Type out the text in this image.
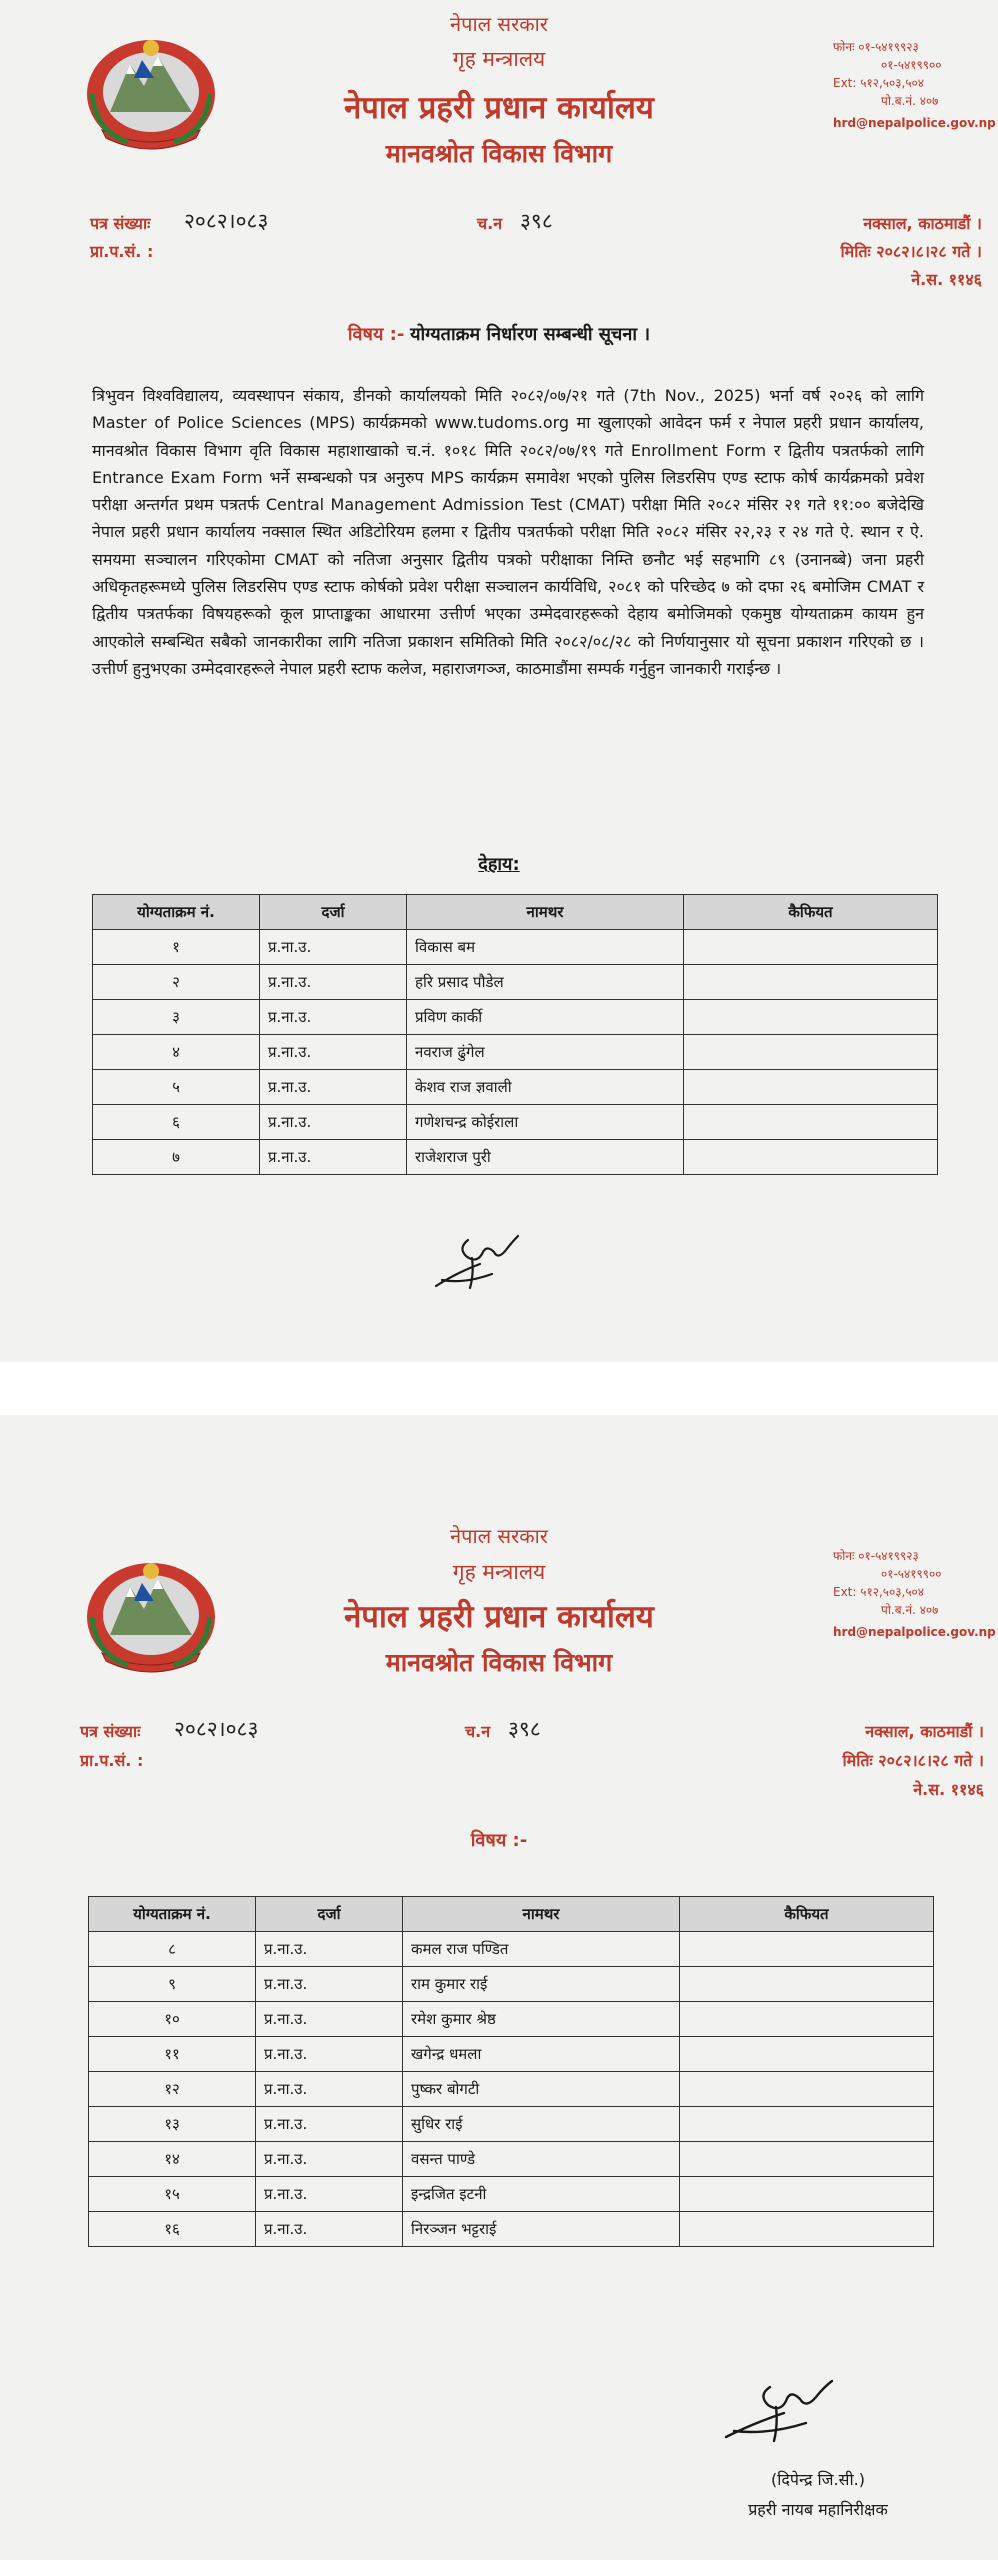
नेपाल सरकार
गृह मन्त्रालय
नेपाल प्रहरी प्रधान कार्यालय
मानवश्रोत विकास विभाग
फोनः ०१-५४१९९२३
०१-५४१९९००
Ext: ५१२,५०३,५०४
पो.ब.नं. ४०७
hrd@nepalpolice.gov.np
पत्र संख्याः २०८२।०८३
प्रा.प.सं. :
च.न ३९८	नक्साल, काठमाडौं ।
मितिः २०८२।८।२८ गते ।
ने.स. ११४६
विषय :- योग्यताक्रम निर्धारण सम्बन्धी सूचना ।
त्रिभुवन विश्वविद्यालय, व्यवस्थापन संकाय, डीनको कार्यालयको मिति २०८२/०७/२१ गते (7th Nov., 2025) भर्ना वर्ष २०२६ को लागि Master of Police Sciences (MPS) कार्यक्रमको www.tudoms.org मा खुलाएको आवेदन फर्म र नेपाल प्रहरी प्रधान कार्यालय, मानवश्रोत विकास विभाग वृति विकास महाशाखाको च.नं. १०१८ मिति २०८२/०७/१९ गते Enrollment Form र द्वितीय पत्रतर्फको लागि Entrance Exam Form भर्ने सम्बन्धको पत्र अनुरुप MPS कार्यक्रम समावेश भएको पुलिस लिडरसिप एण्ड स्टाफ कोर्ष कार्यक्रमको प्रवेश परीक्षा अन्तर्गत प्रथम पत्रतर्फ Central Management Admission Test (CMAT) परीक्षा मिति २०८२ मंसिर २१ गते ११:०० बजेदेखि नेपाल प्रहरी प्रधान कार्यालय नक्साल स्थित अडिटोरियम हलमा र द्वितीय पत्रतर्फको परीक्षा मिति २०८२ मंसिर २२,२३ र २४ गते ऐ. स्थान र ऐ. समयमा सञ्चालन गरिएकोमा CMAT को नतिजा अनुसार द्वितीय पत्रको परीक्षाका निम्ति छनौट भई सहभागि ८९ (उनानब्बे) जना प्रहरी अधिकृतहरूमध्ये पुलिस लिडरसिप एण्ड स्टाफ कोर्षको प्रवेश परीक्षा सञ्चालन कार्यविधि, २०८१ को परिच्छेद ७ को दफा २६ बमोजिम CMAT र द्वितीय पत्रतर्फका विषयहरूको कूल प्राप्ताङ्कका आधारमा उत्तीर्ण भएका उम्मेदवारहरूको देहाय बमोजिमको एकमुष्ठ योग्यताक्रम कायम हुन आएकोले सम्बन्धित सबैको जानकारीका लागि नतिजा प्रकाशन समितिको मिति २०८२/०८/२८ को निर्णयानुसार यो सूचना प्रकाशन गरिएको छ । उत्तीर्ण हुनुभएका उम्मेदवारहरूले नेपाल प्रहरी स्टाफ कलेज, महाराजगञ्ज, काठमाडौंमा सम्पर्क गर्नुहुन जानकारी गराईन्छ ।
देहाय:
योग्यताक्रम नं.	दर्जा	नामथर	कैफियत
१	प्र.ना.उ.	विकास बम	
२	प्र.ना.उ.	हरि प्रसाद पौडेल	
३	प्र.ना.उ.	प्रविण कार्की	
४	प्र.ना.उ.	नवराज ढुंगेल	
५	प्र.ना.उ.	केशव राज ज्ञवाली	
६	प्र.ना.उ.	गणेशचन्द्र कोईराला	
७	प्र.ना.उ.	राजेशराज पुरी	
नेपाल सरकार
गृह मन्त्रालय
नेपाल प्रहरी प्रधान कार्यालय
मानवश्रोत विकास विभाग
फोनः ०१-५४१९९२३
०१-५४१९९००
Ext: ५१२,५०३,५०४
पो.ब.नं. ४०७
hrd@nepalpolice.gov.np
पत्र संख्याः २०८२।०८३
प्रा.प.सं. :
च.न ३९८	नक्साल, काठमाडौं ।
मितिः २०८२।८।२८ गते ।
ने.स. ११४६
विषय :-
योग्यताक्रम नं.	दर्जा	नामथर	कैफियत
८	प्र.ना.उ.	कमल राज पण्डित	
९	प्र.ना.उ.	राम कुमार राई	
१०	प्र.ना.उ.	रमेश कुमार श्रेष्ठ	
११	प्र.ना.उ.	खगेन्द्र धमला	
१२	प्र.ना.उ.	पुष्कर बोगटी	
१३	प्र.ना.उ.	सुधिर राई	
१४	प्र.ना.उ.	वसन्त पाण्डे	
१५	प्र.ना.उ.	इन्द्रजित इटनी	
१६	प्र.ना.उ.	निरञ्जन भट्टराई	
(दिपेन्द्र जि.सी.)
प्रहरी नायब महानिरीक्षक
